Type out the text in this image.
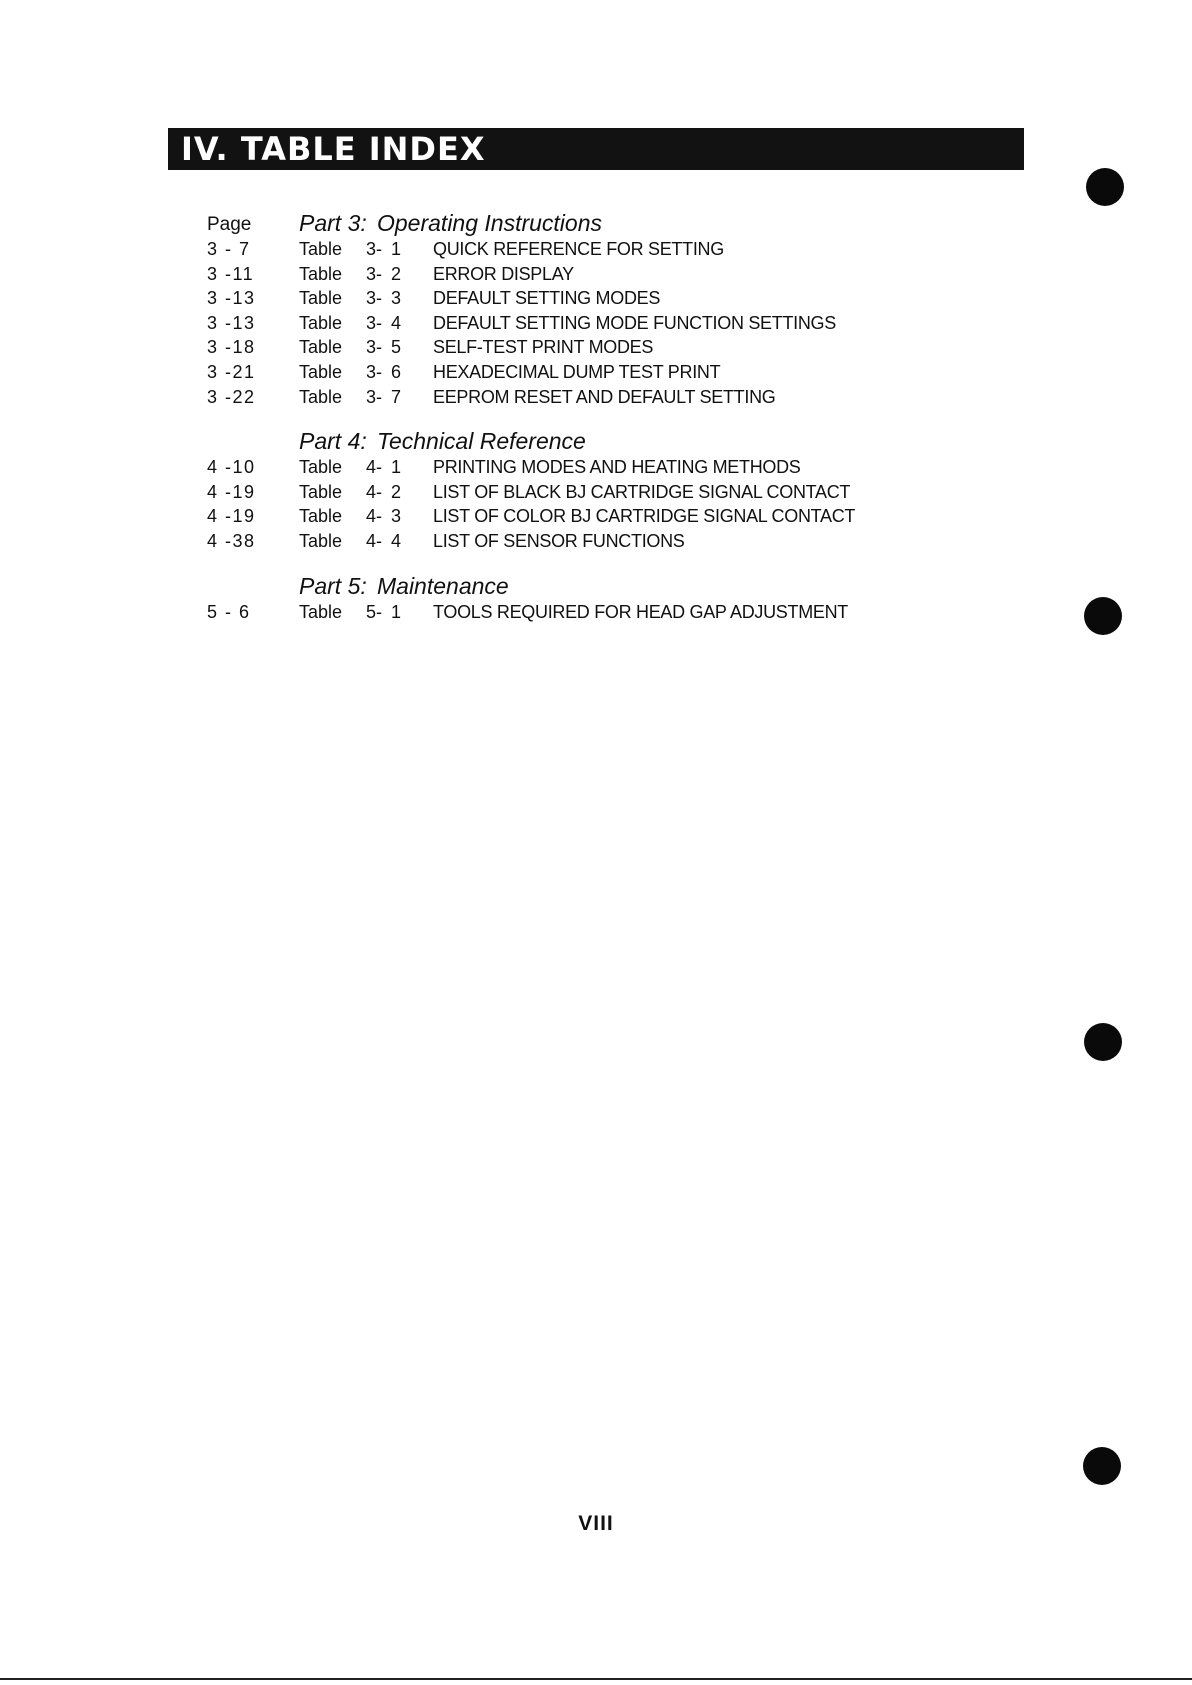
IV. TABLE INDEX
Page Part 3: Operating Instructions
3 - 7	Table 3- 1 QUICK REFERENCE FOR SETTING
3 -11 Table 3- 2 ERROR DISPLAY
3 -13 Table 3- 3 DEFAULT SETTING MODES
3 -13 Table 3- 4 DEFAULT SETTING MODE FUNCTION SETTINGS
3 -18 Table 3- 5 SELF-TEST PRINT MODES
3 -21 Table 3- 6 HEXADECIMAL DUMP TEST PRINT
3 -22 Table 3- 7 EEPROM RESET AND DEFAULT SETTING
Part 4: Technical Reference
4 -10 Table 4- 1 PRINTING MODES AND HEATING METHODS
4 -19 Table 4- 2 LIST OF BLACK BJ CARTRIDGE SIGNAL CONTACT
4 -19 Table 4- 3 LIST OF COLOR BJ CARTRIDGE SIGNAL CONTACT
4 -38 Table 4- 4 LIST OF SENSOR FUNCTIONS
Part 5: Maintenance
5 - 6	Table 5- 1 TOOLS REQUIRED FOR HEAD GAP ADJUSTMENT
VIII
